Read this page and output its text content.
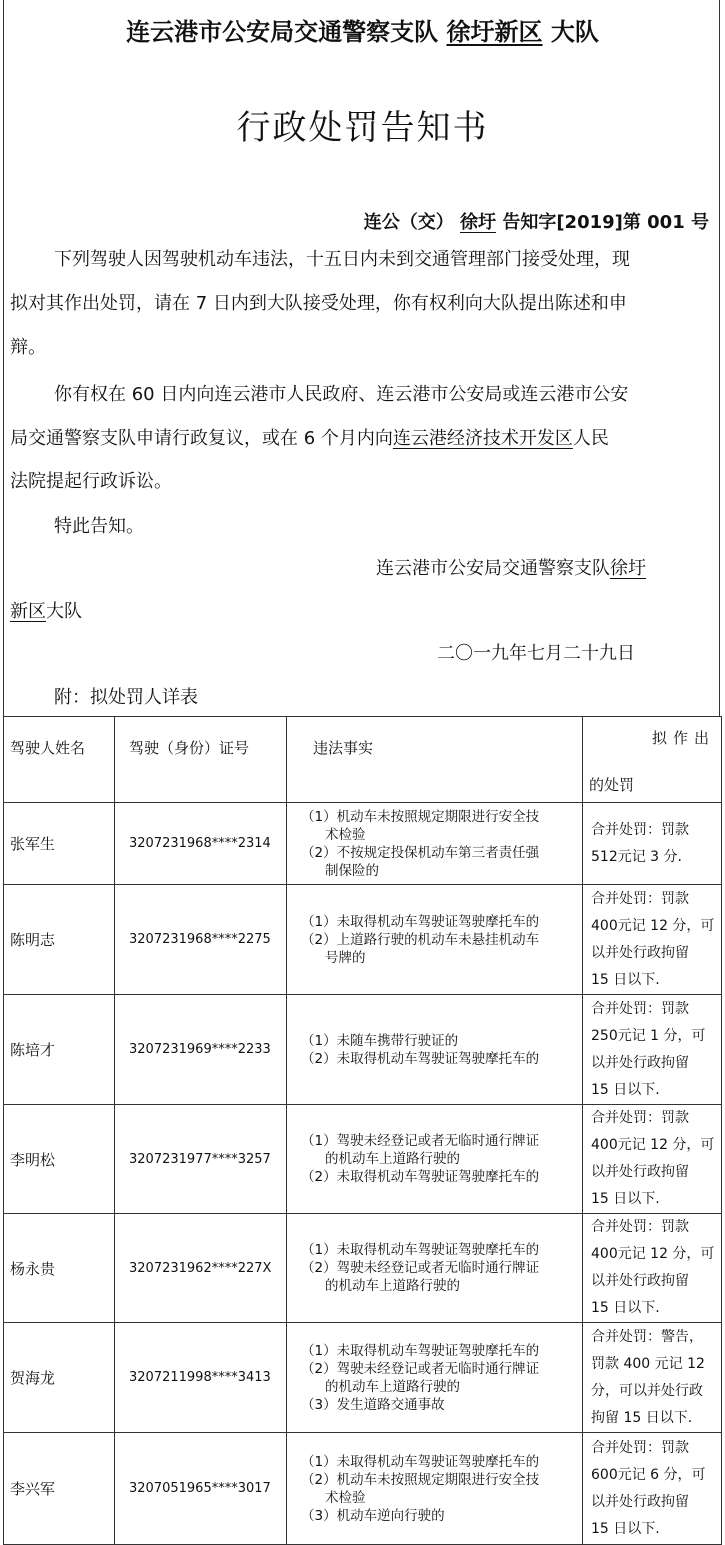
连云港市公安局交通警察支队 徐圩新区 大队
行政处罚告知书
连公（交） 徐圩 告知字[2019]第 001 号
下列驾驶人因驾驶机动车违法，十五日内未到交通管理部门接受处理，现
拟对其作出处罚，请在 7 日内到大队接受处理，你有权利向大队提出陈述和申
辩。
你有权在 60 日内向连云港市人民政府、连云港市公安局或连云港市公安
局交通警察支队申请行政复议，或在 6 个月内向连云港经济技术开发区人民
法院提起行政诉讼。
特此告知。
连云港市公安局交通警察支队徐圩
新区大队
二〇一九年七月二十九日
附：拟处罚人详表
驾驶人姓名	驾驶（身份）证号	违法事实	拟作出
的处罚

张军生	3207231968****2314	（1）机动车未按照规定期限进行安全技
术检验
（2）不按规定投保机动车第三者责任强
制保险的	合并处罚：罚款
512元记 3 分.

陈明志	3207231968****2275	（1）未取得机动车驾驶证驾驶摩托车的
（2）上道路行驶的机动车未悬挂机动车
号牌的	合并处罚：罚款
400元记 12 分，可
以并处行政拘留
15 日以下.

陈培才	3207231969****2233	（1）未随车携带行驶证的
（2）未取得机动车驾驶证驾驶摩托车的	合并处罚：罚款
250元记 1 分，可
以并处行政拘留
15 日以下.

李明松	3207231977****3257	（1）驾驶未经登记或者无临时通行牌证
的机动车上道路行驶的
（2）未取得机动车驾驶证驾驶摩托车的	合并处罚：罚款
400元记 12 分，可
以并处行政拘留
15 日以下.

杨永贵	3207231962****227X	（1）未取得机动车驾驶证驾驶摩托车的
（2）驾驶未经登记或者无临时通行牌证
的机动车上道路行驶的	合并处罚：罚款
400元记 12 分，可
以并处行政拘留
15 日以下.

贺海龙	3207211998****3413	（1）未取得机动车驾驶证驾驶摩托车的
（2）驾驶未经登记或者无临时通行牌证
的机动车上道路行驶的
（3）发生道路交通事故	合并处罚：警告，
罚款 400 元记 12
分，可以并处行政
拘留 15 日以下.

李兴军	3207051965****3017	（1）未取得机动车驾驶证驾驶摩托车的
（2）机动车未按照规定期限进行安全技
术检验
（3）机动车逆向行驶的	合并处罚：罚款
600元记 6 分，可
以并处行政拘留
15 日以下.
